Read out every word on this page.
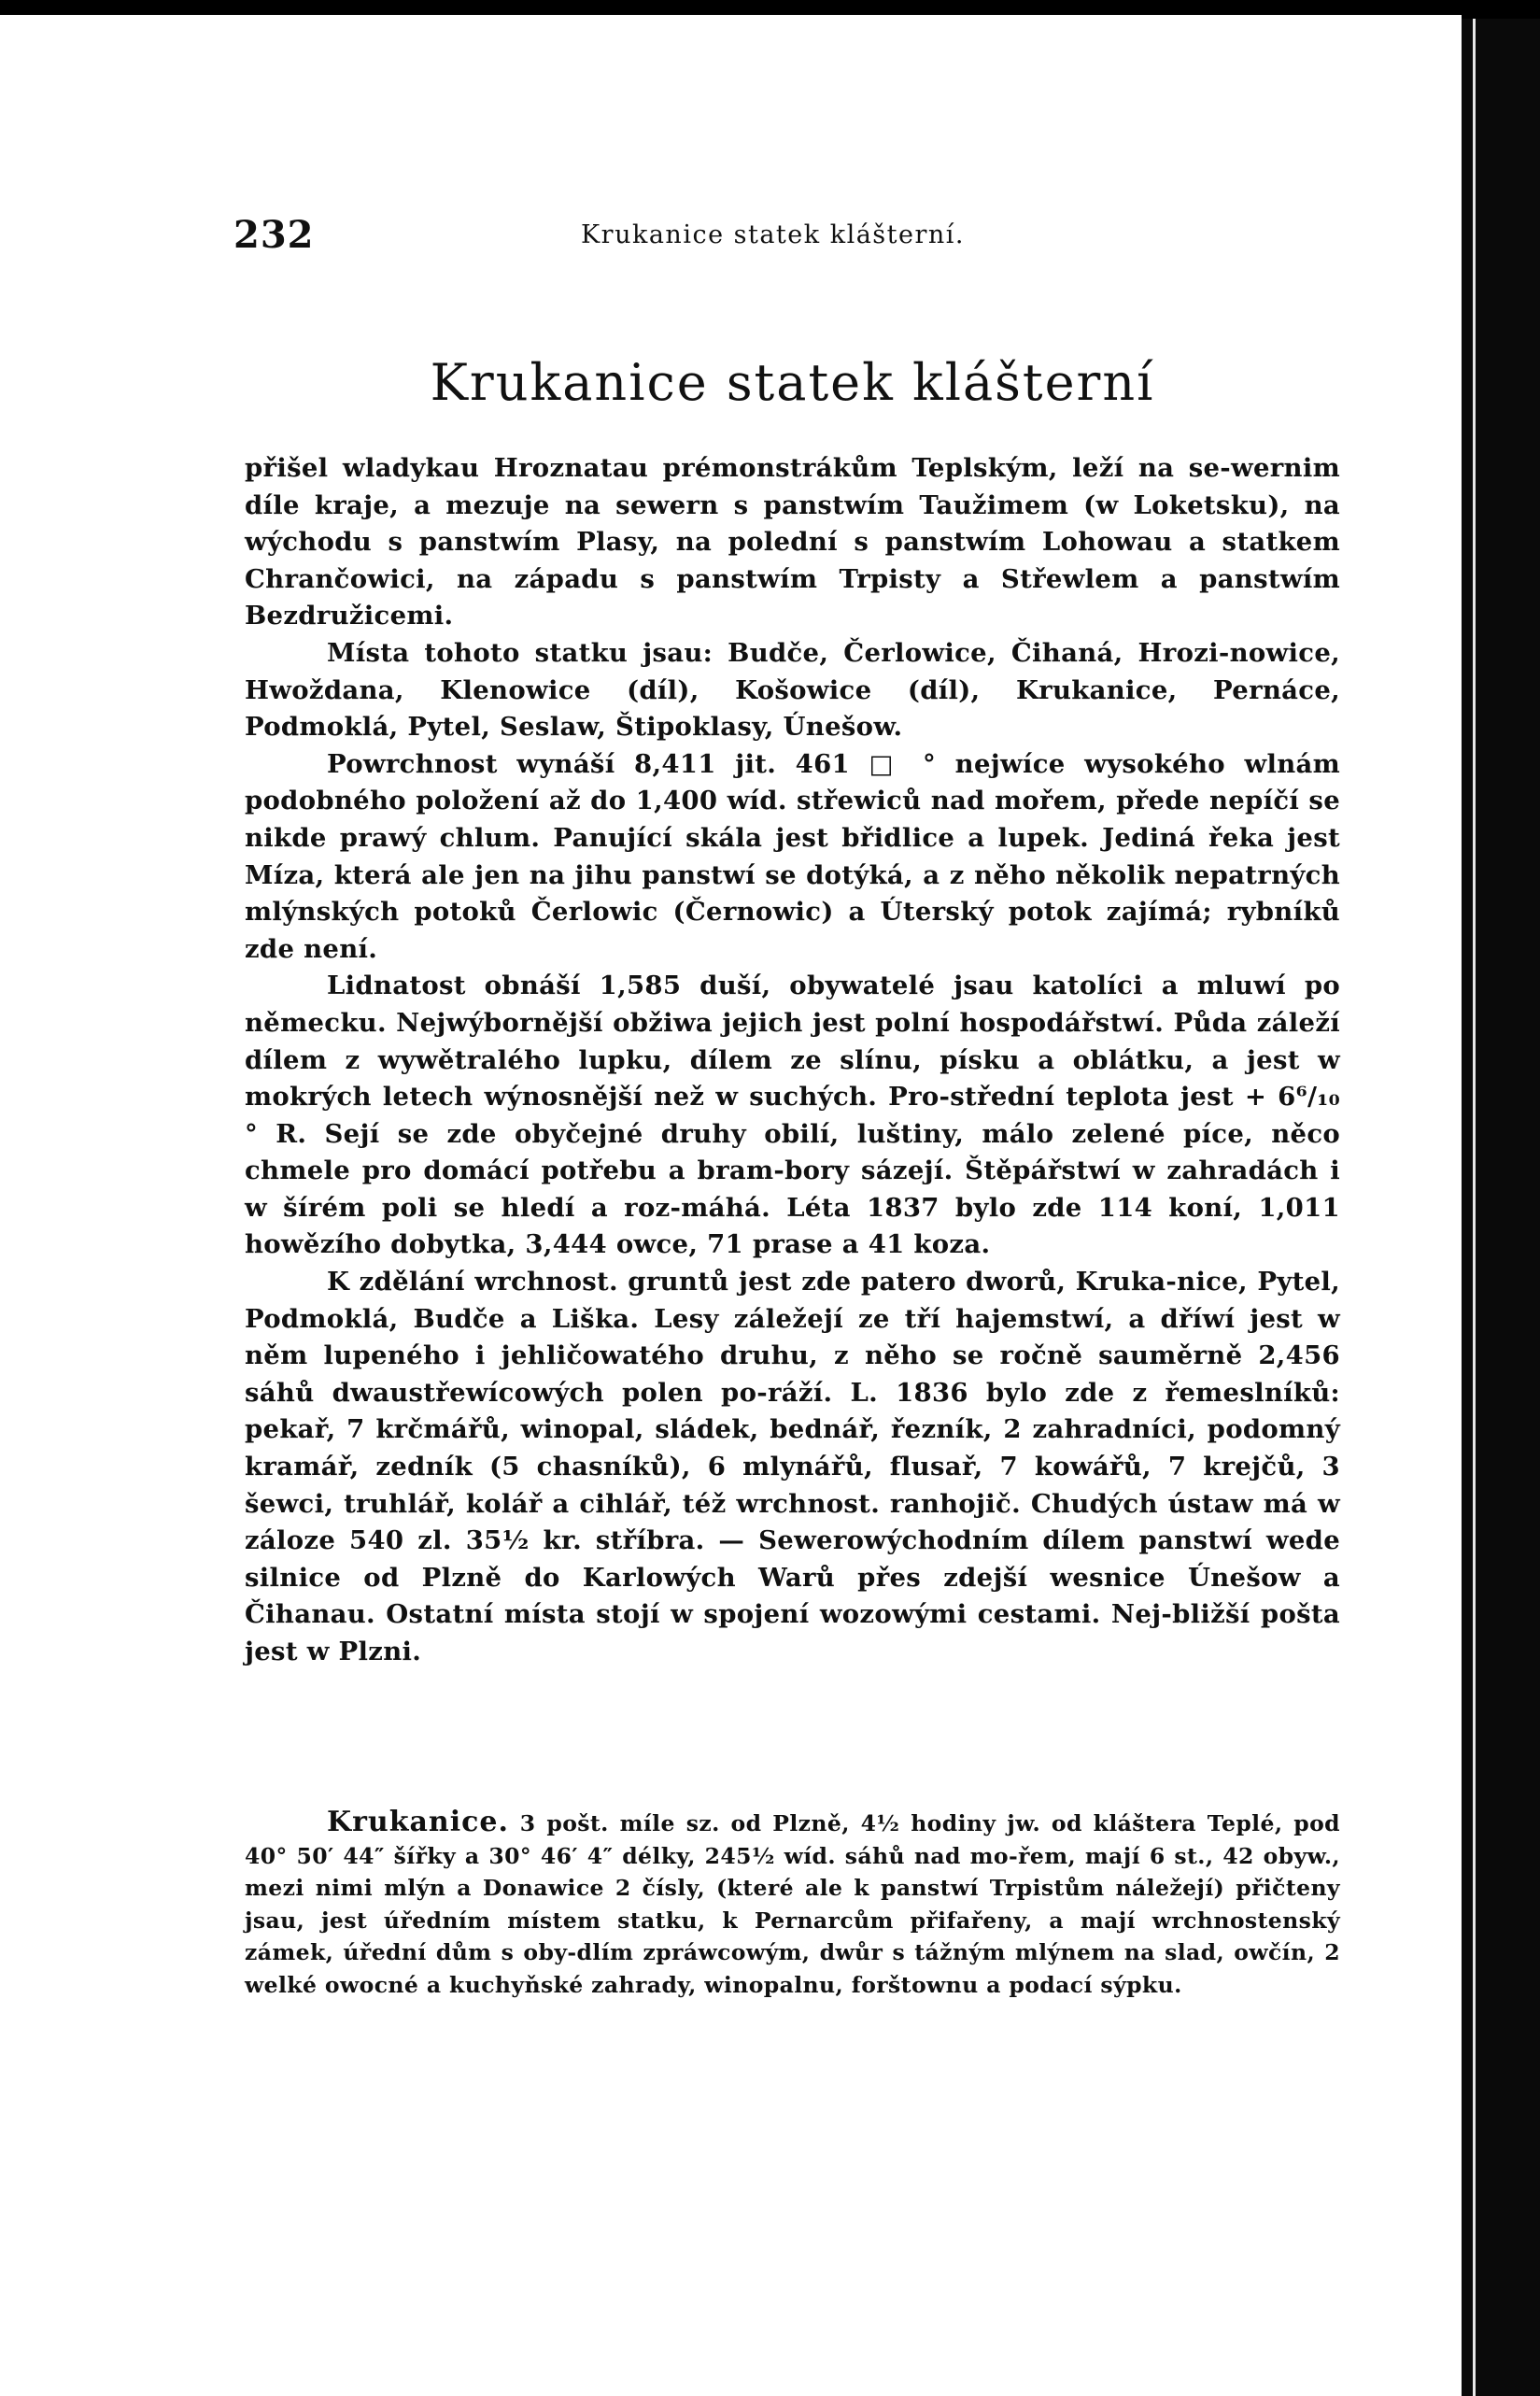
232	Krukanice statek klášterní.
Krukanice statek klášterní

přišel wladykau Hroznatau prémonstrákům Teplským, leží na se-wernim díle kraje, a mezuje na sewern s panstwím Taužimem (w Loketsku), na wýchodu s panstwím Plasy, na polední s panstwím Lohowau a statkem Chrančowici, na západu s panstwím Trpisty a Střewlem a panstwím Bezdružicemi.

Místa tohoto statku jsau: Budče, Čerlowice, Čihaná, Hrozi-nowice, Hwoždana, Klenowice (díl), Košowice (díl), Krukanice, Pernáce, Podmoklá, Pytel, Seslaw, Štipoklasy, Únešow.

Powrchnost wynáší 8,411 jit. 461 □ ° nejwíce wysokého wlnám podobného položení až do 1,400 wíd. střewiců nad mořem, přede nepíčí se nikde prawý chlum. Panující skála jest břidlice a lupek. Jediná řeka jest Míza, která ale jen na jihu panstwí se dotýká, a z něho několik nepatrných mlýnských potoků Čerlowic (Černowic) a Úterský potok zajímá; rybníků zde není.

Lidnatost obnáší 1,585 duší, obywatelé jsau katolíci a mluwí po německu. Nejwýbornější obžiwa jejich jest polní hospodářstwí. Půda záleží dílem z wywětralého lupku, dílem ze slínu, písku a oblátku, a jest w mokrých letech wýnosnější než w suchých. Pro-střední teplota jest + 6⁶/₁₀ ° R. Sejí se zde obyčejné druhy obilí, luštiny, málo zelené píce, něco chmele pro domácí potřebu a bram-bory sázejí. Štěpářstwí w zahradách i w šírém poli se hledí a roz-máhá. Léta 1837 bylo zde 114 koní, 1,011 howězího dobytka, 3,444 owce, 71 prase a 41 koza.

K zdělání wrchnost. gruntů jest zde patero dworů, Kruka-nice, Pytel, Podmoklá, Budče a Liška. Lesy záležejí ze tří hajemstwí, a dříwí jest w něm lupeného i jehličowatého druhu, z něho se ročně sauměrně 2,456 sáhů dwaustřewícowých polen po-ráží. L. 1836 bylo zde z řemeslníků: pekař, 7 krčmářů, winopal, sládek, bednář, řezník, 2 zahradníci, podomný kramář, zedník (5 chasníků), 6 mlynářů, flusař, 7 kowářů, 7 krejčů, 3 šewci, truhlář, kolář a cihlář, též wrchnost. ranhojič. Chudých ústaw má w záloze 540 zl. 35½ kr. stříbra. — Sewerowýchodním dílem panstwí wede silnice od Plzně do Karlowých Warů přes zdejší wesnice Únešow a Čihanau. Ostatní místa stojí w spojení wozowými cestami. Nej-bližší pošta jest w Plzni.

Krukanice. 3 pošt. míle sz. od Plzně, 4½ hodiny jw. od kláštera Teplé, pod 40° 50′ 44″ šířky a 30° 46′ 4″ délky, 245½ wíd. sáhů nad mo-řem, mají 6 st., 42 obyw., mezi nimi mlýn a Donawice 2 čísly, (které ale k panstwí Trpistům náležejí) přičteny jsau, jest úředním místem statku, k Pernarcům přifařeny, a mají wrchnostenský zámek, úřední dům s oby-dlím zpráwcowým, dwůr s tážným mlýnem na slad, owčín, 2 welké owocné a kuchyňské zahrady, winopalnu, forštownu a podací sýpku.
